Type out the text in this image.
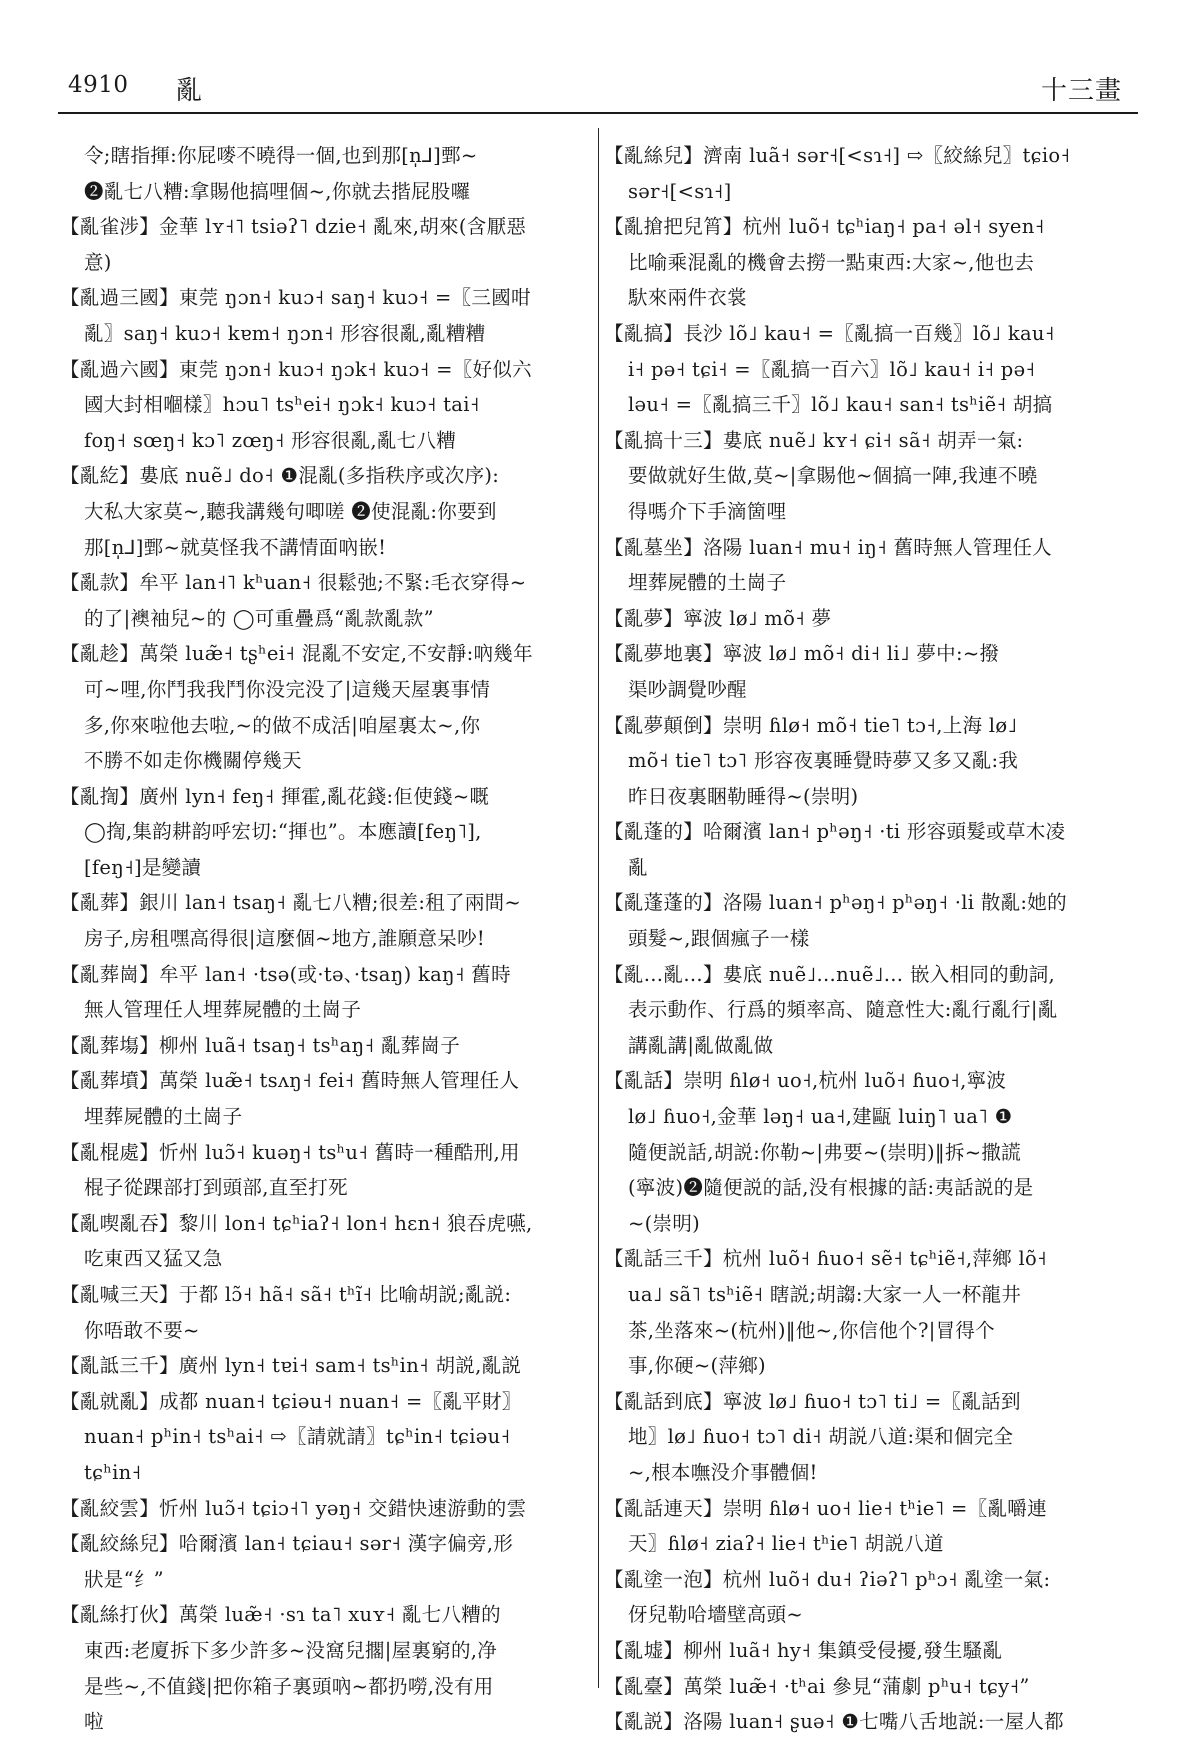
4910 亂	十三畫
令;瞎指揮:你屁嘜不曉得一個,也到那[n̩⅃]鄄~
❷亂七八糟:拿賜他搞哩個~,你就去揩屁股囉
【亂雀涉】金華 lʏ˧˥ tsiəʔ˥ dzie˧ 亂來,胡來(含厭惡
意)
【亂過三國】東莞 ŋɔn˧ kuɔ˧ saŋ˧ kuɔ˧ =〖三國咁
亂〗saŋ˧ kuɔ˧ kɐm˧ ŋɔn˧ 形容很亂,亂糟糟
【亂過六國】東莞 ŋɔn˧ kuɔ˧ ŋɔk˧ kuɔ˧ =〖好似六
國大封相嗰樣〗hɔu˥ tsʰei˧ ŋɔk˧ kuɔ˧ tai˧
foŋ˧ sœŋ˧ kɔ˥ zœŋ˧ 形容很亂,亂七八糟
【亂紇】婁底 nuẽ˩ do˧ ❶混亂(多指秩序或次序):
大私大家莫~,聽我講幾句唧嗟 ❷使混亂:你要到
那[n̩⅃]鄄~就莫怪我不講情面吶嵌!
【亂款】牟平 lan˧˥ kʰuan˧ 很鬆弛;不緊:毛衣穿得~
的了|襖袖兒~的 ◯可重疊爲“亂款亂款”
【亂趁】萬榮 luæ̃˧ tʂʰei˧ 混亂不安定,不安靜:吶幾年
可~哩,你鬥我我鬥你没完没了|這幾天屋裏事情
多,你來啦他去啦,~的做不成活|咱屋裏太~,你
不勝不如走你機關停幾天
【亂揈】廣州 lyn˧ feŋ˧ 揮霍,亂花錢:佢使錢~嘅
◯揈,集韵耕韵呼宏切:“揮也”。本應讀[feŋ˥],
[feŋ˧]是變讀
【亂葬】銀川 lan˧ tsaŋ˧ 亂七八糟;很差:租了兩間~
房子,房租嘿高得很|這麼個~地方,誰願意呆吵!
【亂葬崗】牟平 lan˧ ·tsə(或·tə、·tsaŋ) kaŋ˧ 舊時
無人管理任人埋葬屍體的土崗子
【亂葬塲】柳州 luã˧ tsaŋ˧ tsʰaŋ˧ 亂葬崗子
【亂葬墳】萬榮 luæ̃˧ tsʌŋ˧ fei˧ 舊時無人管理任人
埋葬屍體的土崗子
【亂棍處】忻州 luɔ̃˧ kuəŋ˧ tsʰu˧ 舊時一種酷刑,用
棍子從踝部打到頭部,直至打死
【亂喫亂吞】黎川 lon˧ tɕʰiaʔ˧ lon˧ hɛn˧ 狼吞虎嚥,
吃東西又猛又急
【亂喊三天】于都 lɔ̃˧ hã˧ sã˧ tʰĩ˧ 比喻胡説;亂説:
你唔敢不要~
【亂詆三千】廣州 lyn˧ tɐi˧ sam˧ tsʰin˧ 胡説,亂説
【亂就亂】成都 nuan˧ tɕiəu˧ nuan˧ =〖亂平財〗
nuan˧ pʰin˧ tsʰai˧ ⇨〖請就請〗tɕʰin˧ tɕiəu˧
tɕʰin˧
【亂絞雲】忻州 luɔ̃˧ tɕiɔ˧˥ yəŋ˧ 交錯快速游動的雲
【亂絞絲兒】哈爾濱 lan˧ tɕiau˧ sər˧ 漢字偏旁,形
狀是“纟”
【亂絲打伙】萬榮 luæ̃˧ ·sɿ ta˥ xuʏ˧ 亂七八糟的
東西:老廈拆下多少許多~没窩兒擱|屋裏窮的,净
是些~,不值錢|把你箱子裏頭吶~都扔嘮,没有用
啦
【亂絲兒】濟南 luã˧ sər˧[<sɿ˧] ⇨〖絞絲兒〗tɕio˧
sər˧[<sɿ˧]
【亂搶把兒筲】杭州 luõ˧ tɕʰiaŋ˧ pa˧ əl˧ syen˧
比喻乘混亂的機會去撈一點東西:大家~,他也去
馱來兩件衣裳
【亂搞】長沙 lõ˩ kau˧ =〖亂搞一百幾〗lõ˩ kau˧
i˧ pə˧ tɕi˧ =〖亂搞一百六〗lõ˩ kau˧ i˧ pə˧
ləu˧ =〖亂搞三千〗lõ˩ kau˧ san˧ tsʰiẽ˧ 胡搞
【亂搞十三】婁底 nuẽ˩ kʏ˧ ɕi˧ sã˧ 胡弄一氣:
要做就好生做,莫~|拿賜他~個搞一陣,我連不曉
得嗎介下手滴箇哩
【亂墓坐】洛陽 luan˧ mu˧ iŋ˧ 舊時無人管理任人
埋葬屍體的土崗子
【亂夢】寧波 lø˩ mõ˧ 夢
【亂夢地裏】寧波 lø˩ mõ˧ di˧ li˩ 夢中:~撥
渠吵調覺吵醒
【亂夢顛倒】崇明 ɦlø˧ mõ˧ tie˥ tɔ˧,上海 lø˩
mõ˧ tie˥ tɔ˥ 形容夜裏睡覺時夢又多又亂:我
昨日夜裏睏勒睡得~(崇明)
【亂蓬的】哈爾濱 lan˧ pʰəŋ˧ ·ti 形容頭髮或草木凌
亂
【亂蓬蓬的】洛陽 luan˧ pʰəŋ˧ pʰəŋ˧ ·li 散亂:她的
頭髮~,跟個瘋子一樣
【亂…亂…】婁底 nuẽ˩…nuẽ˩… 嵌入相同的動詞,
表示動作、行爲的頻率高、隨意性大:亂行亂行|亂
講亂講|亂做亂做
【亂話】崇明 ɦlø˧ uo˧,杭州 luõ˧ ɦuo˧,寧波
lø˩ ɦuo˧,金華 ləŋ˧ ua˧,建甌 luiŋ˥ ua˥ ❶
隨便説話,胡説:你勒~|弗要~(崇明)‖拆~撒謊
(寧波)❷隨便説的話,没有根據的話:夷話説的是
~(崇明)
【亂話三千】杭州 luõ˧ ɦuo˧ sẽ˧ tɕʰiẽ˧,萍鄉 lõ˧
ua˩ sã˥ tsʰiẽ˧ 瞎説;胡謅:大家一人一杯龍井
茶,坐落來~(杭州)‖他~,你信他个?|冒得个
事,你硬~(萍鄉)
【亂話到底】寧波 lø˩ ɦuo˧ tɔ˥ ti˩ =〖亂話到
地〗lø˩ ɦuo˧ tɔ˥ di˧ 胡説八道:渠和個完全
~,根本嘸没介事體個!
【亂話連天】崇明 ɦlø˧ uo˧ lie˧ tʰie˥ =〖亂嚼連
天〗ɦlø˧ ziaʔ˧ lie˧ tʰie˥ 胡説八道
【亂塗一泡】杭州 luõ˧ du˧ ʔiəʔ˥ pʰɔ˧ 亂塗一氣:
伢兒勒哈墻壁高頭~
【亂墟】柳州 luã˧ hy˧ 集鎮受侵擾,發生騷亂
【亂臺】萬榮 luæ̃˧ ·tʰai 參見“蒲劇 pʰu˧ tɕy˧”
【亂説】洛陽 luan˧ ʂuə˧ ❶七嘴八舌地説:一屋人都
